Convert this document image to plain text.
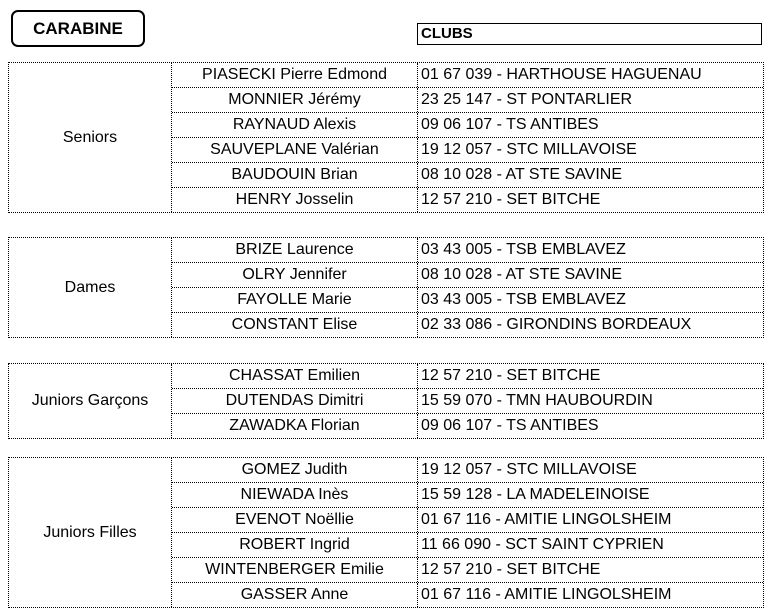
CARABINE	CLUBS
Seniors
PIASECKI Pierre Edmond	01 67 039 - HARTHOUSE HAGUENAU
MONNIER Jérémy	23 25 147 - ST PONTARLIER
RAYNAUD Alexis	09 06 107 - TS ANTIBES
SAUVEPLANE Valérian	19 12 057 - STC MILLAVOISE
BAUDOUIN Brian	08 10 028 - AT STE SAVINE
HENRY Josselin	12 57 210 - SET BITCHE
Dames
BRIZE Laurence	03 43 005 - TSB EMBLAVEZ
OLRY Jennifer	08 10 028 - AT STE SAVINE
FAYOLLE Marie	03 43 005 - TSB EMBLAVEZ
CONSTANT Elise	02 33 086 - GIRONDINS BORDEAUX
Juniors Garçons
CHASSAT Emilien	12 57 210 - SET BITCHE
DUTENDAS Dimitri	15 59 070 - TMN HAUBOURDIN
ZAWADKA Florian	09 06 107 - TS ANTIBES
Juniors Filles
GOMEZ Judith	19 12 057 - STC MILLAVOISE
NIEWADA Inès	15 59 128 - LA MADELEINOISE
EVENOT Noëllie	01 67 116 - AMITIE LINGOLSHEIM
ROBERT Ingrid	11 66 090 - SCT SAINT CYPRIEN
WINTENBERGER Emilie	12 57 210 - SET BITCHE
GASSER Anne	01 67 116 - AMITIE LINGOLSHEIM
